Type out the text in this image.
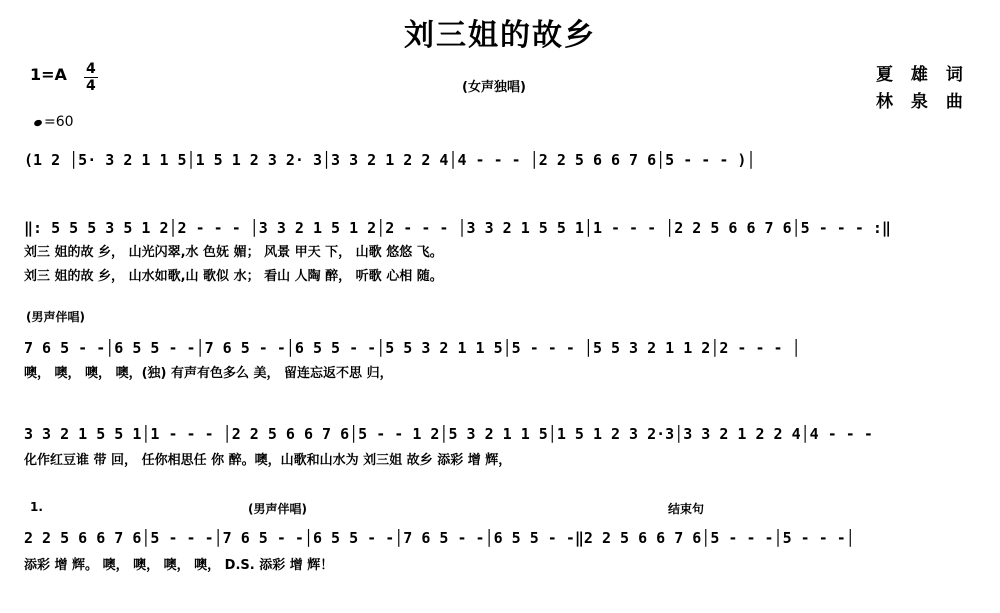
刘三姐的故乡
1=A 4
4
=60
(女声独唱)
夏 雄 词
林 泉 曲
(1 2 │5· 3 2 1 1 5│1 5 1 2 3 2· 3│3 3 2 1 2 2 4│4 - - - │2 2 5 6 6 7 6│5 - - - )│
‖: 5 5 5 3 5 1 2│2 - - - │3 3 2 1 5 1 2│2 - - - │3 3 2 1 5 5 1│1 - - - │2 2 5 6 6 7 6│5 - - - :‖
刘三 姐的故 乡， 山光闪翠,水 色妩 媚； 风景 甲天 下， 山歌 悠悠 飞。
刘三 姐的故 乡， 山水如歌,山 歌似 水； 看山 人陶 醉， 听歌 心相 随。
(男声伴唱)
7 6 5 - -│6 5 5 - -│7 6 5 - -│6 5 5 - -│5 5 3 2 1 1 5│5 - - - │5 5 3 2 1 1 2│2 - - - │
噢， 噢， 噢， 噢，(独) 有声有色多么 美， 留连忘返不思 归，
3 3 2 1 5 5 1│1 - - - │2 2 5 6 6 7 6│5 - - 1 2│5 3 2 1 1 5│1 5 1 2 3 2·3│3 3 2 1 2 2 4│4 - - -
化作红豆谁 带 回， 任你相思任 你 醉。噢，山歌和山水为 刘三姐 故乡 添彩 增 辉，
1.	(男声伴唱)	结束句
2 2 5 6 6 7 6│5 - - -│7 6 5 - -│6 5 5 - -│7 6 5 - -│6 5 5 - -‖2 2 5 6 6 7 6│5 - - -│5 - - -│
添彩 增 辉。 噢， 噢， 噢， 噢， D.S. 添彩 增 辉！
